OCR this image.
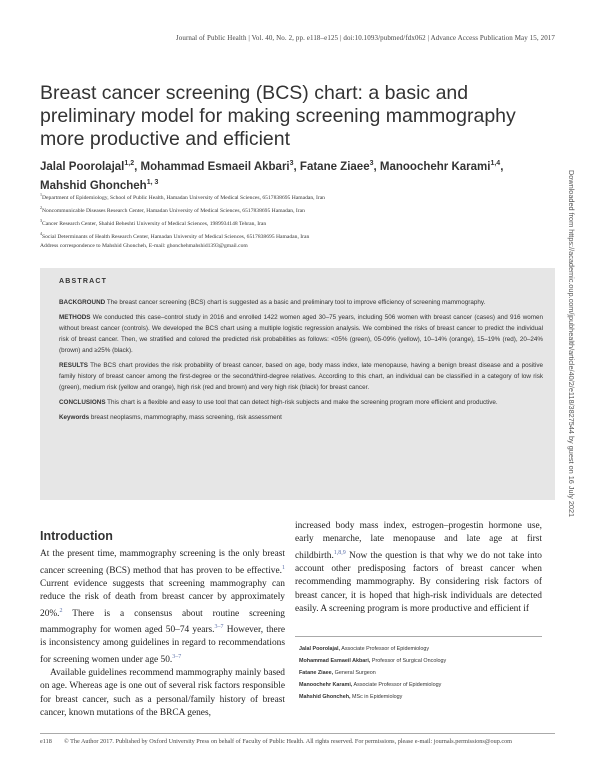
Journal of Public Health | Vol. 40, No. 2, pp. e118–e125 | doi:10.1093/pubmed/fdx062 | Advance Access Publication May 15, 2017
Breast cancer screening (BCS) chart: a basic and preliminary model for making screening mammography more productive and efficient
Jalal Poorolajal$^{1,2}$, Mohammad Esmaeil Akbari$^3$, Fatane Ziaee$^3$, Manoochehr Karami$^{1,4}$,
Mahshid Ghoncheh$^{1, 3}$
$^1$Department of Epidemiology, School of Public Health, Hamadan University of Medical Sciences, 6517838695 Hamadan, Iran
$^2$Noncommunicable Diseases Research Center, Hamadan University of Medical Sciences, 6517838695 Hamadan, Iran
$^3$Cancer Research Center, Shahid Beheshti University of Medical Sciences, 1989934148 Tehran, Iran
$^4$Social Determinants of Health Research Center, Hamadan University of Medical Sciences, 6517838695 Hamadan, Iran
Address correspondence to Mahshid Ghoncheh, E-mail: ghonchehmahshid1393@gmail.com	Downloaded from https://academic.oup.com/jpubhealth/article/40/2/e118/3827544 by guest on 16 July 2021
ABSTRACT

BACKGROUND The breast cancer screening (BCS) chart is suggested as a basic and preliminary tool to improve efficiency of screening mammography.

METHODS We conducted this case–control study in 2016 and enrolled 1422 women aged 30–75 years, including 506 women with breast cancer (cases) and 916 women without breast cancer (controls). We developed the BCS chart using a multiple logistic regression analysis. We combined the risks of breast cancer to predict the individual risk of breast cancer. Then, we stratified and colored the predicted risk probabilities as follows: <05% (green), 05-09% (yellow), 10–14% (orange), 15–19% (red), 20–24% (brown) and ≥25% (black).

RESULTS The BCS chart provides the risk probability of breast cancer, based on age, body mass index, late menopause, having a benign breast disease and a positive family history of breast cancer among the first-degree or the second/third-degree relatives. According to this chart, an individual can be classified in a category of low risk (green), medium risk (yellow and orange), high risk (red and brown) and very high risk (black) for breast cancer.

CONCLUSIONS This chart is a flexible and easy to use tool that can detect high-risk subjects and make the screening program more efficient and productive.

Keywords breast neoplasms, mammography, mass screening, risk assessment

Introduction

At the present time, mammography screening is the only breast cancer screening (BCS) method that has proven to be effective.$^1$ Current evidence suggests that screening mammography can reduce the risk of death from breast cancer by approximately 20%.$^2$ There is a consensus about routine screening mammography for women aged 50–74 years.$^{3-7}$ However, there is inconsistency among guidelines in regard to recommendations for screening women under age 50.$^{3-7}$

Available guidelines recommend mammography mainly based on age. Whereas age is one out of several risk factors responsible for breast cancer, such as a personal/family history of breast cancer, known mutations of the BRCA genes,

increased body mass index, estrogen–progestin hormone use, early menarche, late menopause and late age at first childbirth.$^{1,8,9}$ Now the question is that why we do not take into account other predisposing factors of breast cancer when recommending mammography. By considering risk factors of breast cancer, it is hoped that high-risk individuals are detected easily. A screening program is more productive and efficient if

Jalal Poorolajal, Associate Professor of Epidemiology
Mohammad Esmaeil Akbari, Professor of Surgical Oncology
Fatane Ziaee, General Surgeon
Manoochehr Karami, Associate Professor of Epidemiology
Mahshid Ghoncheh, MSc in Epidemiology
e118 © The Author 2017. Published by Oxford University Press on behalf of Faculty of Public Health. All rights reserved. For permissions, please e-mail: journals.permissions@oup.com
